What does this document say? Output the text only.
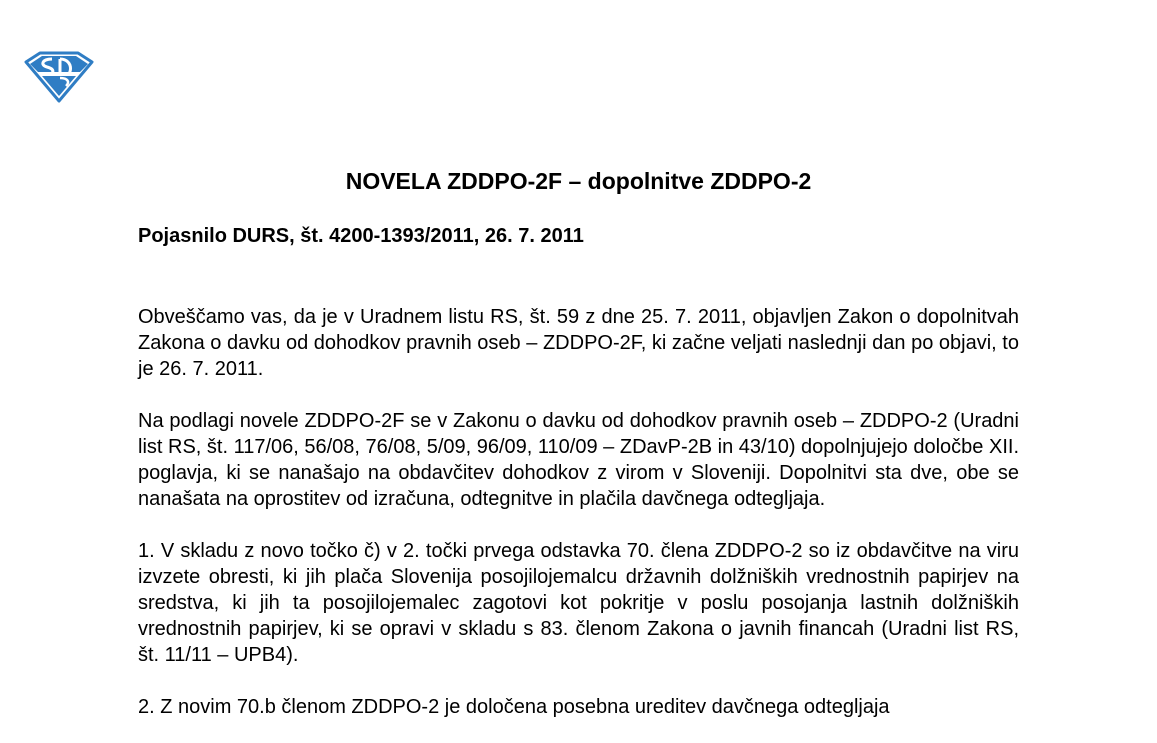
NOVELA ZDDPO-2F – dopolnitve ZDDPO-2

Pojasnilo DURS, št. 4200-1393/2011, 26. 7. 2011

Obveščamo vas, da je v Uradnem listu RS, št. 59 z dne 25. 7. 2011, objavljen Zakon o dopolnitvah Zakona o davku od dohodkov pravnih oseb – ZDDPO-2F, ki začne veljati naslednji dan po objavi, to je 26. 7. 2011.

Na podlagi novele ZDDPO-2F se v Zakonu o davku od dohodkov pravnih oseb – ZDDPO-2 (Uradni list RS, št. 117/06, 56/08, 76/08, 5/09, 96/09, 110/09 – ZDavP-2B in 43/10) dopolnjujejo določbe XII. poglavja, ki se nanašajo na obdavčitev dohodkov z virom v Sloveniji. Dopolnitvi sta dve, obe se nanašata na oprostitev od izračuna, odtegnitve in plačila davčnega odtegljaja.

1. V skladu z novo točko č) v 2. točki prvega odstavka 70. člena ZDDPO-2 so iz obdavčitve na viru izvzete obresti, ki jih plača Slovenija posojilojemalcu državnih dolžniških vrednostnih papirjev na sredstva, ki jih ta posojilojemalec zagotovi kot pokritje v poslu posojanja lastnih dolžniških vrednostnih papirjev, ki se opravi v skladu s 83. členom Zakona o javnih financah (Uradni list RS, št. 11/11 – UPB4).

2. Z novim 70.b členom ZDDPO-2 je določena posebna ureditev davčnega odtegljaja
